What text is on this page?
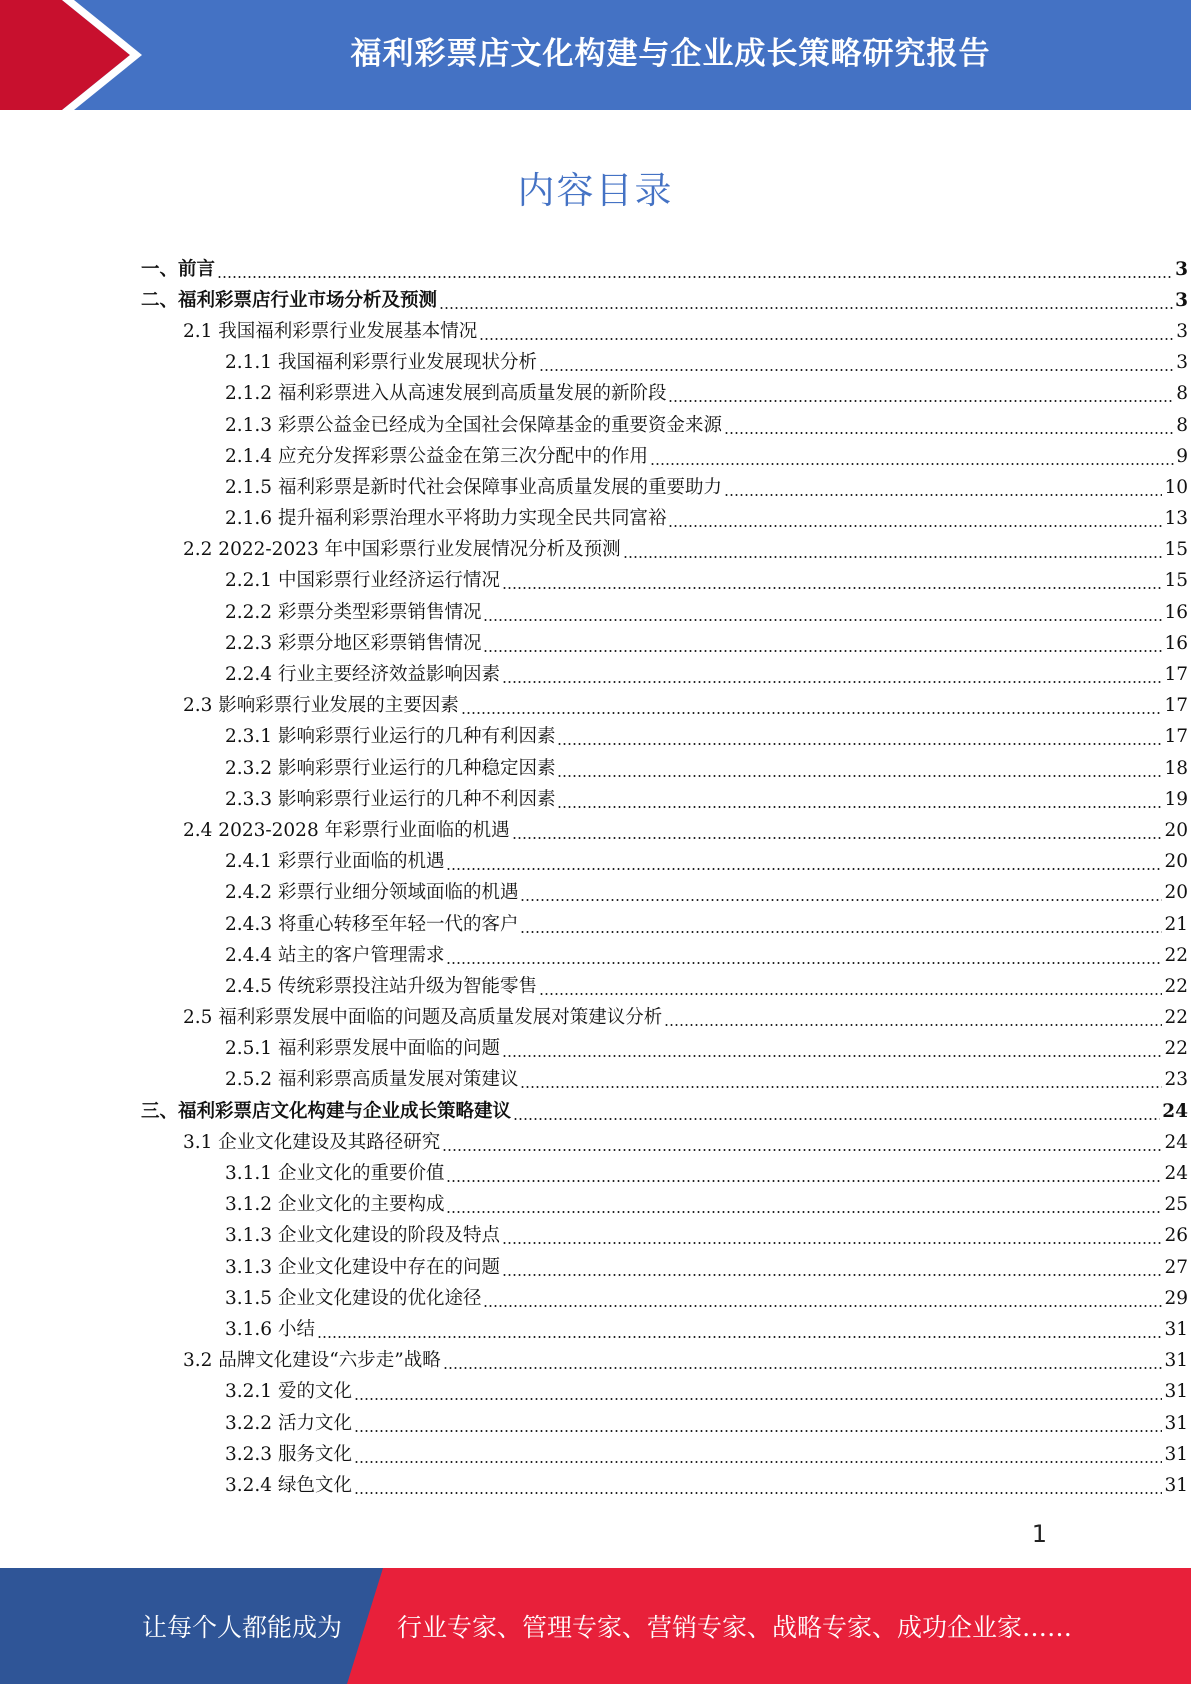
福利彩票店文化构建与企业成长策略研究报告
内容目录
一、前言	3
二、福利彩票店行业市场分析及预测	3
2.1 我国福利彩票行业发展基本情况	3
2.1.1 我国福利彩票行业发展现状分析	3
2.1.2 福利彩票进入从高速发展到高质量发展的新阶段	8
2.1.3 彩票公益金已经成为全国社会保障基金的重要资金来源	8
2.1.4 应充分发挥彩票公益金在第三次分配中的作用	9
2.1.5 福利彩票是新时代社会保障事业高质量发展的重要助力	10
2.1.6 提升福利彩票治理水平将助力实现全民共同富裕	13
2.2 2022-2023 年中国彩票行业发展情况分析及预测	15
2.2.1 中国彩票行业经济运行情况	15
2.2.2 彩票分类型彩票销售情况	16
2.2.3 彩票分地区彩票销售情况	16
2.2.4 行业主要经济效益影响因素	17
2.3 影响彩票行业发展的主要因素	17
2.3.1 影响彩票行业运行的几种有利因素	17
2.3.2 影响彩票行业运行的几种稳定因素	18
2.3.3 影响彩票行业运行的几种不利因素	19
2.4 2023-2028 年彩票行业面临的机遇	20
2.4.1 彩票行业面临的机遇	20
2.4.2 彩票行业细分领域面临的机遇	20
2.4.3 将重心转移至年轻一代的客户	21
2.4.4 站主的客户管理需求	22
2.4.5 传统彩票投注站升级为智能零售	22
2.5 福利彩票发展中面临的问题及高质量发展对策建议分析	22
2.5.1 福利彩票发展中面临的问题	22
2.5.2 福利彩票高质量发展对策建议	23
三、福利彩票店文化构建与企业成长策略建议	24
3.1 企业文化建设及其路径研究	24
3.1.1 企业文化的重要价值	24
3.1.2 企业文化的主要构成	25
3.1.3 企业文化建设的阶段及特点	26
3.1.3 企业文化建设中存在的问题	27
3.1.5 企业文化建设的优化途径	29
3.1.6 小结	31
3.2 品牌文化建设“六步走”战略	31
3.2.1 爱的文化	31
3.2.2 活力文化	31
3.2.3 服务文化	31
3.2.4 绿色文化	31
1
让每个人都能成为 行业专家、管理专家、营销专家、战略专家、成功企业家……
